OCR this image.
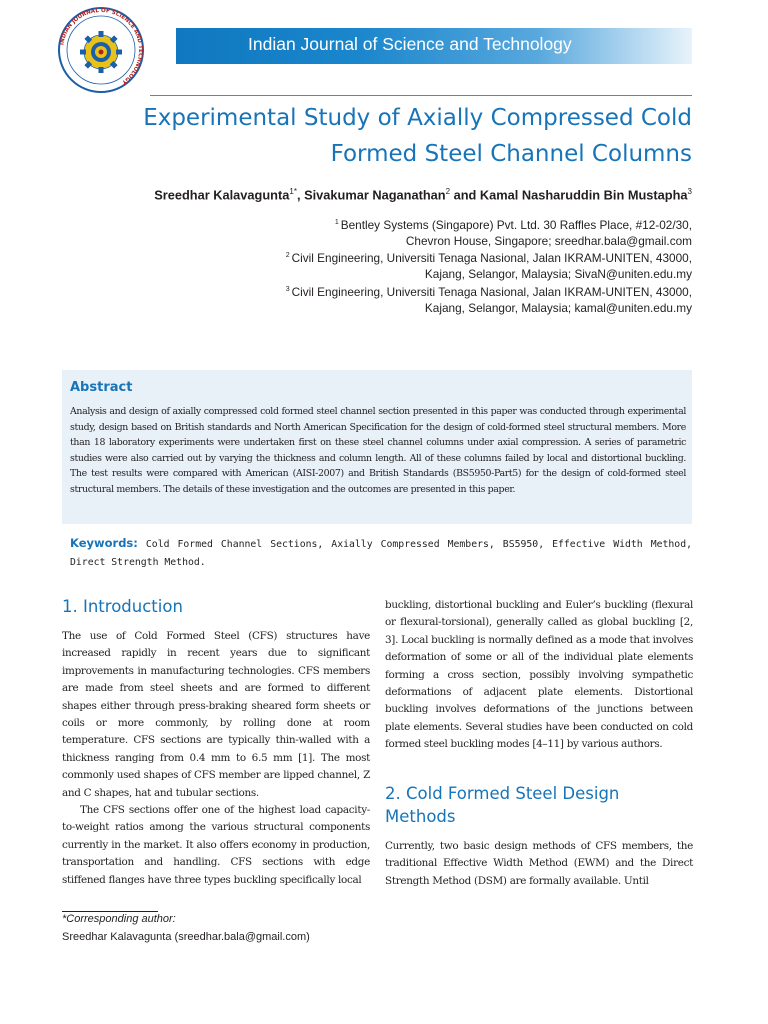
INDIAN JOURNAL OF SCIENCE AND TECHNOLOGY
Indian Journal of Science and Technology
Experimental Study of Axially Compressed Cold
Formed Steel Channel Columns
Sreedhar Kalavagunta$^{1*}$, Sivakumar Naganathan$^2$ and Kamal Nasharuddin Bin Mustapha$^3$
$^1$ Bentley Systems (Singapore) Pvt. Ltd. 30 Raffles Place, #12-02/30,
Chevron House, Singapore; sreedhar.bala@gmail.com
$^2$ Civil Engineering, Universiti Tenaga Nasional, Jalan IKRAM-UNITEN, 43000,
Kajang, Selangor, Malaysia; SivaN@uniten.edu.my
$^3$ Civil Engineering, Universiti Tenaga Nasional, Jalan IKRAM-UNITEN, 43000,
Kajang, Selangor, Malaysia; kamal@uniten.edu.my
Abstract
Analysis and design of axially compressed cold formed steel channel section presented in this paper was conducted through experimental study, design based on British standards and North American Specification for the design of cold-formed steel structural members. More than 18 laboratory experiments were undertaken first on these steel channel columns under axial compression. A series of parametric studies were also carried out by varying the thickness and column length. All of these columns failed by local and distortional buckling. The test results were compared with American (AISI-2007) and British Standards (BS5950-Part5) for the design of cold-formed steel structural members. The details of these investigation and the outcomes are presented in this paper.
Keywords: Cold Formed Channel Sections, Axially Compressed Members, BS5950, Effective Width Method, Direct Strength Method.
1. Introduction

The use of Cold Formed Steel (CFS) structures have increased rapidly in recent years due to significant improvements in manufacturing technologies. CFS members are made from steel sheets and are formed to different shapes either through press-braking sheared form sheets or coils or more commonly, by rolling done at room temperature. CFS sections are typically thin-walled with a thickness ranging from 0.4 mm to 6.5 mm [1]. The most commonly used shapes of CFS member are lipped channel, Z and C shapes, hat and tubular sections.

The CFS sections offer one of the highest load capacity-to-weight ratios among the various structural components currently in the market. It also offers economy in production, transportation and handling. CFS sections with edge stiffened flanges have three types buckling specifically local

buckling, distortional buckling and Euler’s buckling (flexural or flexural-torsional), generally called as global buckling [2, 3]. Local buckling is normally defined as a mode that involves deformation of some or all of the individual plate elements forming a cross section, possibly involving sympathetic deformations of adjacent plate elements. Distortional buckling involves deformations of the junctions between plate elements. Several studies have been conducted on cold formed steel buckling modes [4–11] by various authors.

2. Cold Formed Steel Design
Methods

Currently, two basic design methods of CFS members, the traditional Effective Width Method (EWM) and the Direct Strength Method (DSM) are formally available. Until

*Corresponding author:
Sreedhar Kalavagunta (sreedhar.bala@gmail.com)
